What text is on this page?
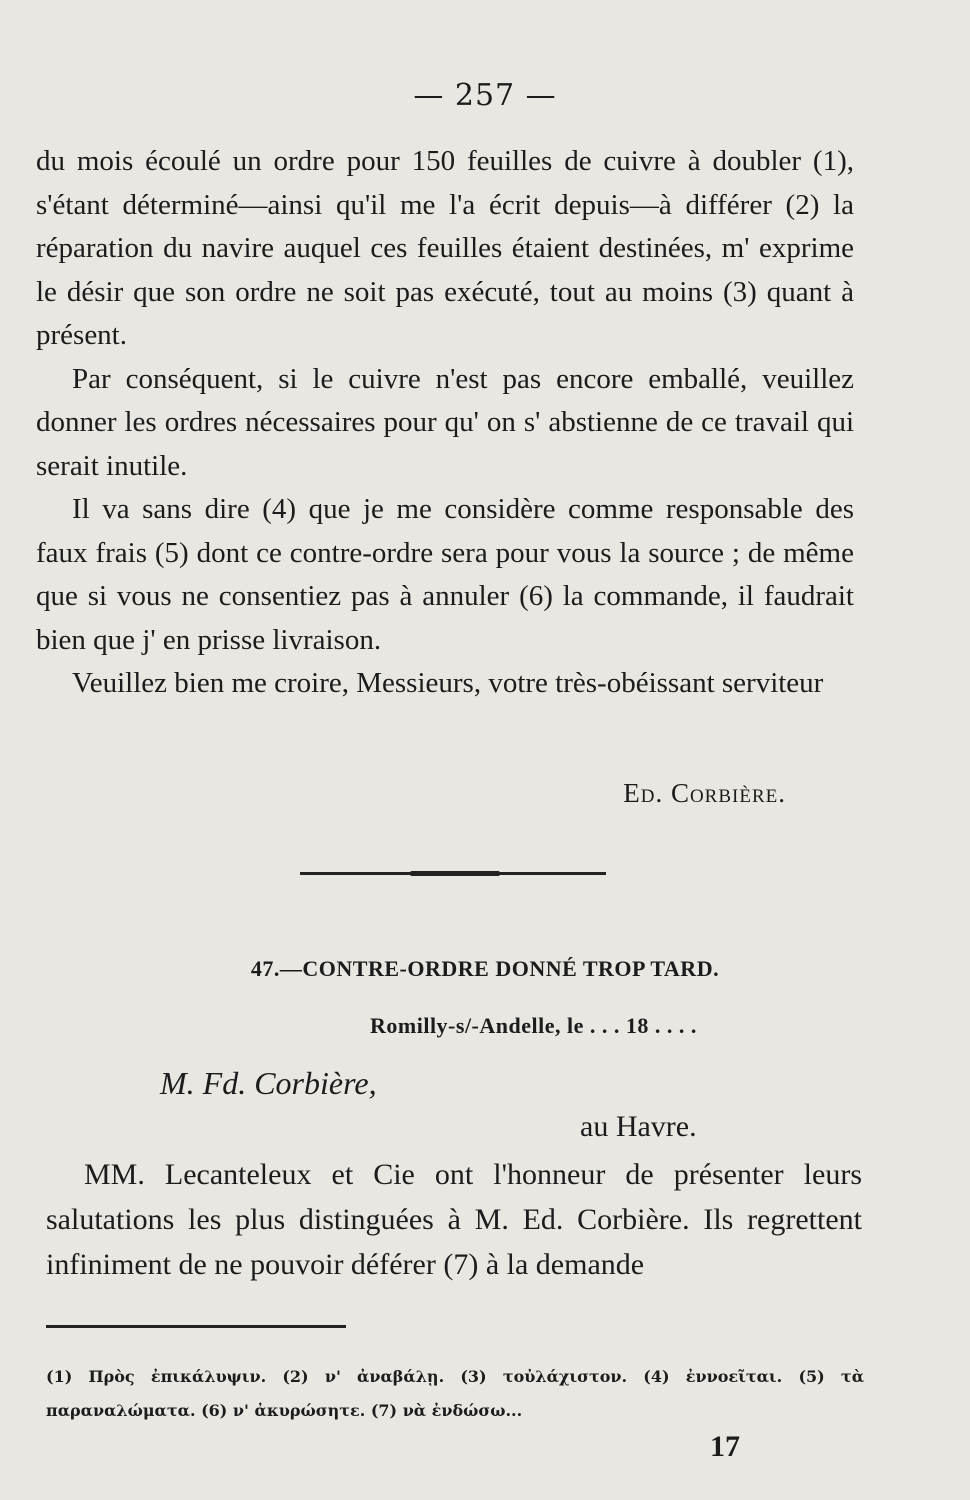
— 257 —

du mois écoulé un ordre pour 150 feuilles de cuivre à doubler (1), s'étant déterminé—ainsi qu'il me l'a écrit depuis—à différer (2) la réparation du navire auquel ces feuilles étaient destinées, m' exprime le désir que son ordre ne soit pas exécuté, tout au moins (3) quant à présent.

Par conséquent, si le cuivre n'est pas encore emballé, veuillez donner les ordres nécessaires pour qu' on s' abstienne de ce travail qui serait inutile.

Il va sans dire (4) que je me considère comme responsable des faux frais (5) dont ce contre-ordre sera pour vous la source ; de même que si vous ne consentiez pas à annuler (6) la commande, il faudrait bien que j' en prisse livraison.

Veuillez bien me croire, Messieurs, votre très-obéissant serviteur

Ed. Corbière.
47.—CONTRE-ORDRE DONNÉ TROP TARD.
Romilly-s/-Andelle, le . . . 18 . . . .
M. Fd. Corbière,
au Havre.

MM. Lecanteleux et Cie ont l'honneur de présenter leurs salutations les plus distinguées à M. Ed. Corbière. Ils regrettent infiniment de ne pouvoir déférer (7) à la demande

(1) Πρὸς ἐπικάλυψιν. (2) ν' ἀναβάλῃ. (3) τοὐλάχιστον. (4) ἐννοεῖται. (5) τὰ παραναλώματα. (6) ν' ἀκυρώσητε. (7) νὰ ἐνδώσω...
17
